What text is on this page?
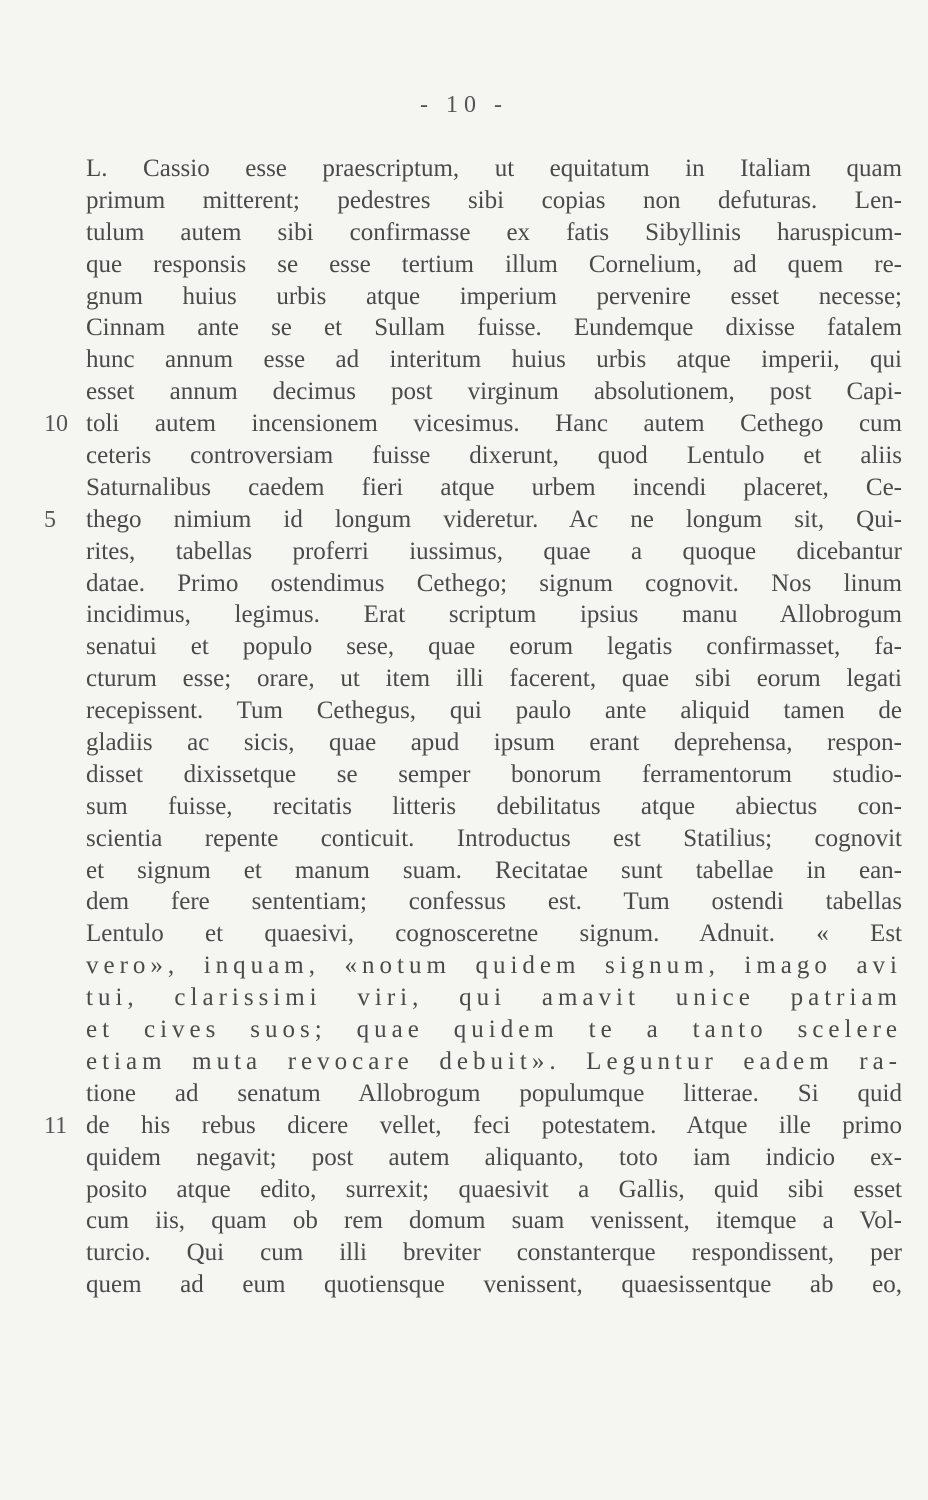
- 10 -
L. Cassio esse praescriptum, ut equitatum in Italiam quam
primum mitterent; pedestres sibi copias non defuturas. Len-
tulum autem sibi confirmasse ex fatis Sibyllinis haruspicum-
que responsis se esse tertium illum Cornelium, ad quem re-
gnum huius urbis atque imperium pervenire esset necesse;
Cinnam ante se et Sullam fuisse. Eundemque dixisse fatalem
hunc annum esse ad interitum huius urbis atque imperii, qui
esset annum decimus post virginum absolutionem, post Capi-
toli autem incensionem vicesimus. Hanc autem Cethego cum
ceteris controversiam fuisse dixerunt, quod Lentulo et aliis
Saturnalibus caedem fieri atque urbem incendi placeret, Ce-
thego nimium id longum videretur. Ac ne longum sit, Qui-
rites, tabellas proferri iussimus, quae a quoque dicebantur
datae. Primo ostendimus Cethego; signum cognovit. Nos linum
incidimus, legimus. Erat scriptum ipsius manu Allobrogum
senatui et populo sese, quae eorum legatis confirmasset, fa-
cturum esse; orare, ut item illi facerent, quae sibi eorum legati
recepissent. Tum Cethegus, qui paulo ante aliquid tamen de
gladiis ac sicis, quae apud ipsum erant deprehensa, respon-
disset dixissetque se semper bonorum ferramentorum studio-
sum fuisse, recitatis litteris debilitatus atque abiectus con-
scientia repente conticuit. Introductus est Statilius; cognovit
et signum et manum suam. Recitatae sunt tabellae in ean-
dem fere sententiam; confessus est. Tum ostendi tabellas
Lentulo et quaesivi, cognosceretne signum. Adnuit. « Est
vero», inquam, «notum quidem signum, imago avi
tui, clarissimi viri, qui amavit unice patriam
et cives suos; quae quidem te a tanto scelere
etiam muta revocare debuit». Leguntur eadem ra-
tione ad senatum Allobrogum populumque litterae. Si quid
de his rebus dicere vellet, feci potestatem. Atque ille primo
quidem negavit; post autem aliquanto, toto iam indicio ex-
posito atque edito, surrexit; quaesivit a Gallis, quid sibi esset
cum iis, quam ob rem domum suam venissent, itemque a Vol-
turcio. Qui cum illi breviter constanterque respondissent, per
quem ad eum quotiensque venissent, quaesissentque ab eo,
10
5
11
